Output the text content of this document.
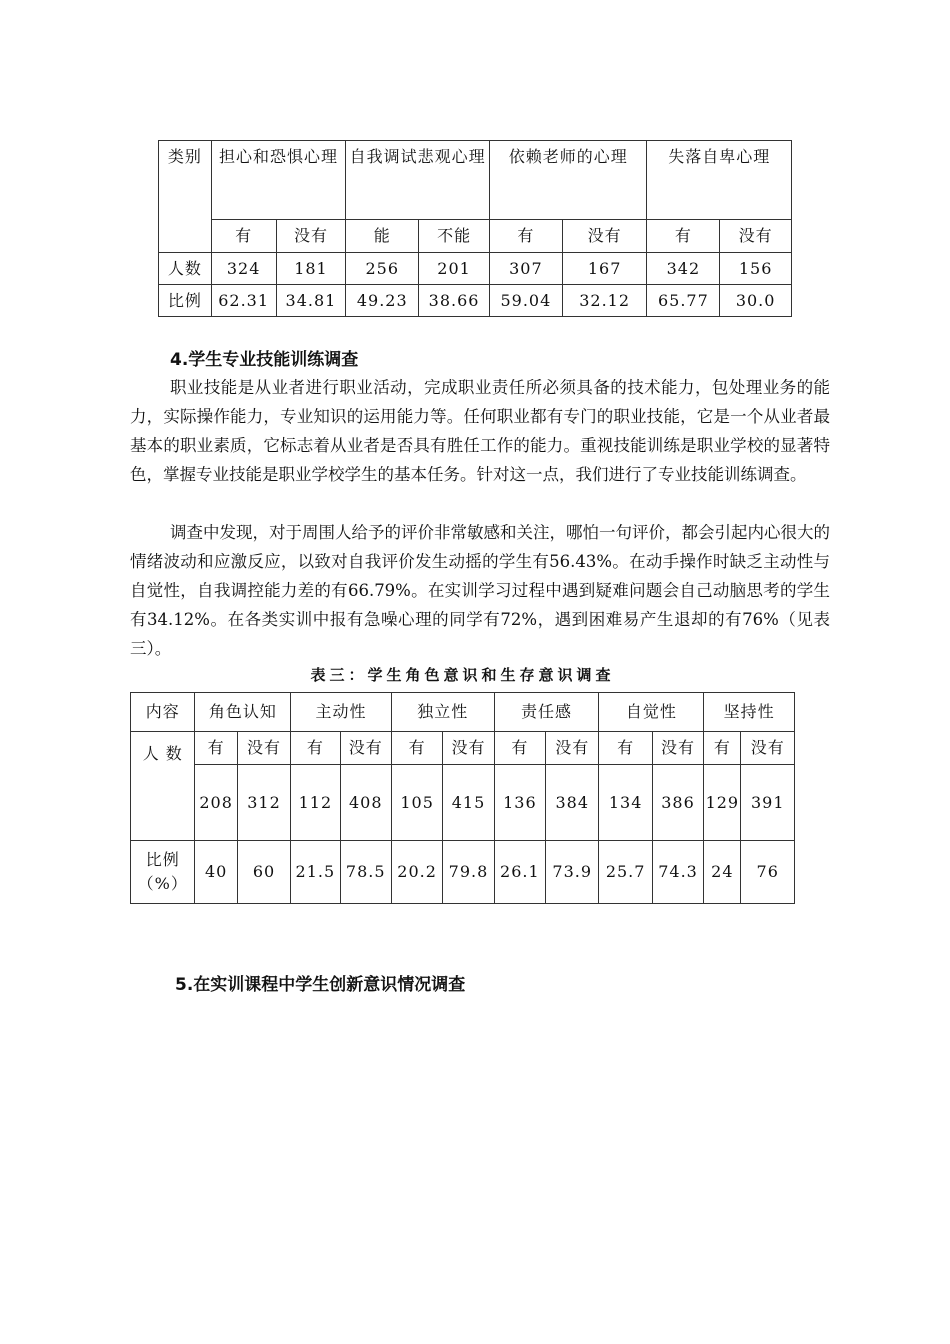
类别	担心和恐惧心理		自我调试悲观心理		依赖老师的心理		失落自卑心理	
	有	没有	能	不能	有	没有	有	没有
人数	324	181	256	201	307	167	342	156
比例	62.31	34.81	49.23	38.66	59.04	32.12	65.77	30.0
4.学生专业技能训练调查
职业技能是从业者进行职业活动，完成职业责任所必须具备的技术能力，包处理业务的能力，实际操作能力，专业知识的运用能力等。任何职业都有专门的职业技能，它是一个从业者最基本的职业素质，它标志着从业者是否具有胜任工作的能力。重视技能训练是职业学校的显著特色，掌握专业技能是职业学校学生的基本任务。针对这一点，我们进行了专业技能训练调查。
调查中发现，对于周围人给予的评价非常敏感和关注，哪怕一句评价，都会引起内心很大的情绪波动和应激反应，以致对自我评价发生动摇的学生有56.43%。在动手操作时缺乏主动性与自觉性，自我调控能力差的有66.79%。在实训学习过程中遇到疑难问题会自己动脑思考的学生有34.12%。在各类实训中报有急噪心理的同学有72%，遇到困难易产生退却的有76%（见表三）。
表三：学生角色意识和生存意识调查
内容	角色认知		主动性		独立性		责任感		自觉性		坚持性	
人 数	有	没有	有	没有	有	没有	有	没有	有	没有	有	没有
	208	312	112	408	105	415	136	384	134	386	129	391
比例（%）	40	60	21.5	78.5	20.2	79.8	26.1	73.9	25.7	74.3	24	76
5.在实训课程中学生创新意识情况调查
